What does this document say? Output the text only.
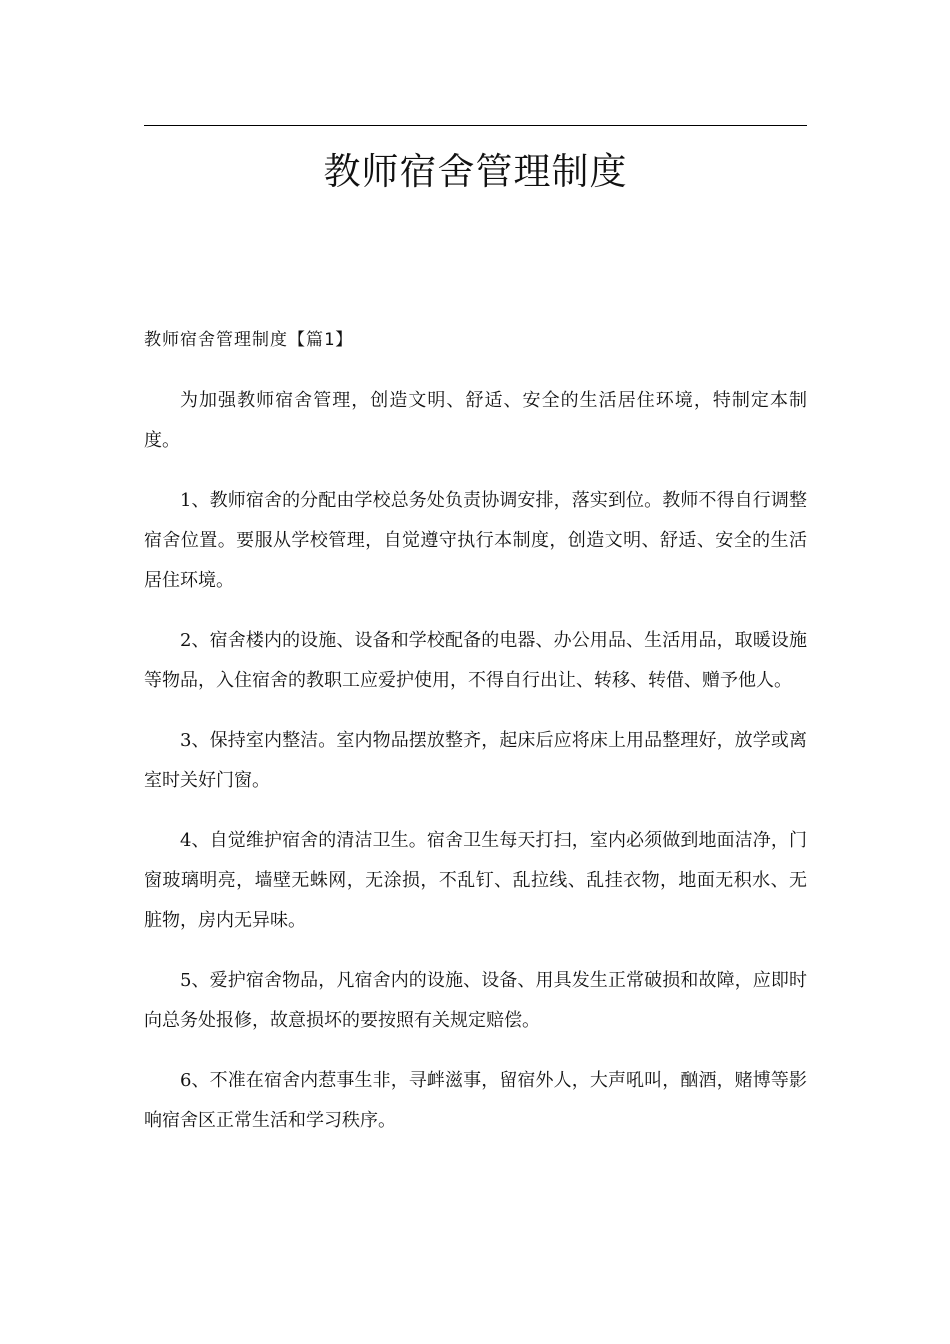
教师宿舍管理制度
教师宿舍管理制度【篇1】

为加强教师宿舍管理，创造文明、舒适、安全的生活居住环境，特制定本制度。

1、教师宿舍的分配由学校总务处负责协调安排，落实到位。教师不得自行调整宿舍位置。要服从学校管理，自觉遵守执行本制度，创造文明、舒适、安全的生活居住环境。

2、宿舍楼内的设施、设备和学校配备的电器、办公用品、生活用品，取暖设施等物品，入住宿舍的教职工应爱护使用，不得自行出让、转移、转借、赠予他人。

3、保持室内整洁。室内物品摆放整齐，起床后应将床上用品整理好，放学或离室时关好门窗。

4、自觉维护宿舍的清洁卫生。宿舍卫生每天打扫，室内必须做到地面洁净，门窗玻璃明亮，墙壁无蛛网，无涂损，不乱钉、乱拉线、乱挂衣物，地面无积水、无脏物，房内无异味。

5、爱护宿舍物品，凡宿舍内的设施、设备、用具发生正常破损和故障，应即时向总务处报修，故意损坏的要按照有关规定赔偿。

6、不准在宿舍内惹事生非，寻衅滋事，留宿外人，大声吼叫，酗酒，赌博等影响宿舍区正常生活和学习秩序。
